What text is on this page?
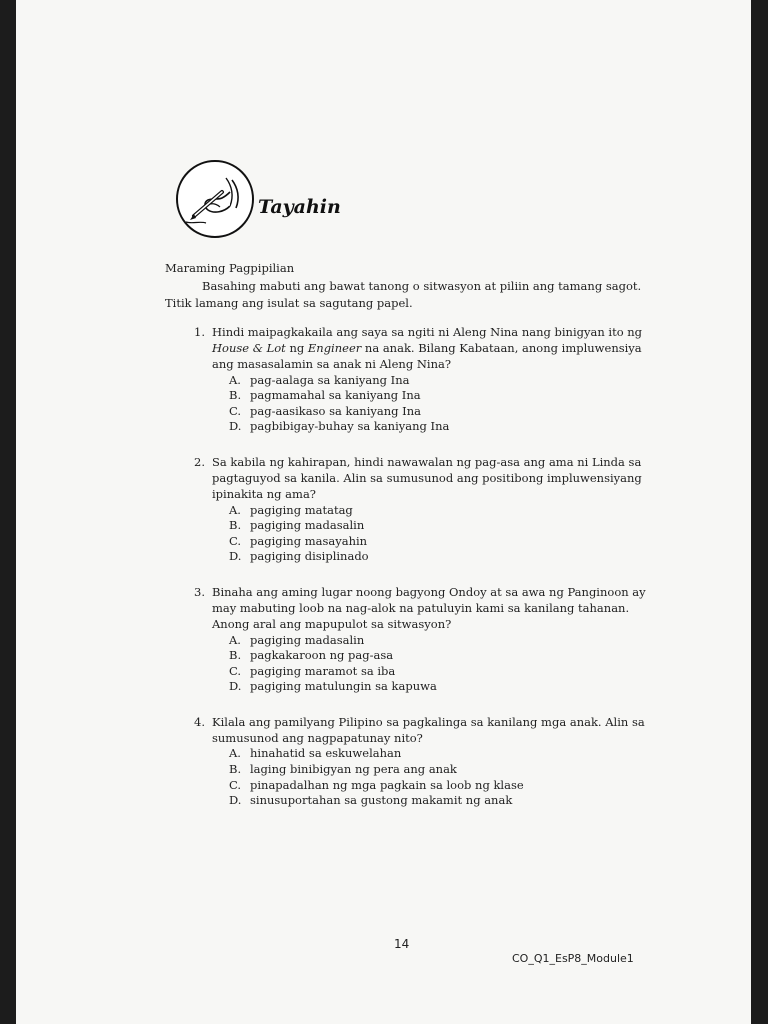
Tayahin
Maraming Pagpipilian
Basahing mabuti ang bawat tanong o sitwasyon at piliin ang tamang sagot. Titik lamang ang isulat sa sagutang papel.
1. Hindi maipagkakaila ang saya sa ngiti ni Aleng Nina nang binigyan ito ng House & Lot ng Engineer na anak. Bilang Kabataan, anong impluwensiya ang masasalamin sa anak ni Aleng Nina?
A. pag-aalaga sa kaniyang Ina
B. pagmamahal sa kaniyang Ina
C. pag-aasikaso sa kaniyang Ina
D. pagbibigay-buhay sa kaniyang Ina
2. Sa kabila ng kahirapan, hindi nawawalan ng pag-asa ang ama ni Linda sa pagtaguyod sa kanila. Alin sa sumusunod ang positibong impluwensiyang ipinakita ng ama?
A. pagiging matatag
B. pagiging madasalin
C. pagiging masayahin
D. pagiging disiplinado
3. Binaha ang aming lugar noong bagyong Ondoy at sa awa ng Panginoon ay may mabuting loob na nag-alok na patuluyin kami sa kanilang tahanan. Anong aral ang mapupulot sa sitwasyon?
A. pagiging madasalin
B. pagkakaroon ng pag-asa
C. pagiging maramot sa iba
D. pagiging matulungin sa kapuwa
4. Kilala ang pamilyang Pilipino sa pagkalinga sa kanilang mga anak. Alin sa sumusunod ang nagpapatunay nito?
A. hinahatid sa eskuwelahan
B. laging binibigyan ng pera ang anak
C. pinapadalhan ng mga pagkain sa loob ng klase
D. sinusuportahan sa gustong makamit ng anak
14
CO_Q1_EsP8_Module1
